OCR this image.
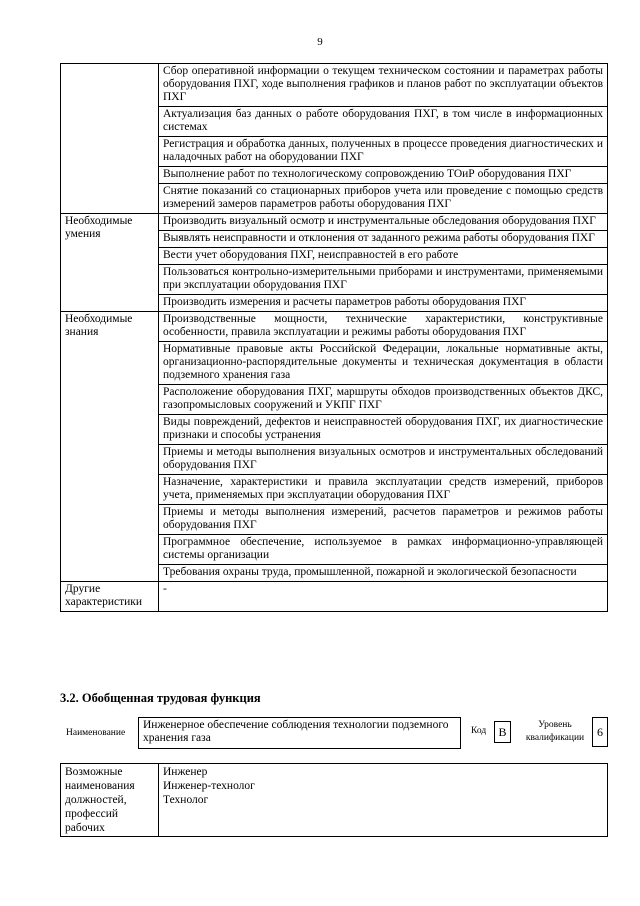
9
	Сбор оперативной информации о текущем техническом состоянии и параметрах работы оборудования ПХГ, ходе выполнения графиков и планов работ по эксплуатации объектов ПХГ
	Актуализация баз данных о работе оборудования ПХГ, в том числе в информационных системах
	Регистрация и обработка данных, полученных в процессе проведения диагностических и наладочных работ на оборудовании ПХГ
	Выполнение работ по технологическому сопровождению ТОиР оборудования ПХГ
	Снятие показаний со стационарных приборов учета или проведение с помощью средств измерений замеров параметров работы оборудования ПХГ
Необходимые умения	Производить визуальный осмотр и инструментальные обследования оборудования ПХГ
	Выявлять неисправности и отклонения от заданного режима работы оборудования ПХГ
	Вести учет оборудования ПХГ, неисправностей в его работе
	Пользоваться контрольно-измерительными приборами и инструментами, применяемыми при эксплуатации оборудования ПХГ
	Производить измерения и расчеты параметров работы оборудования ПХГ
Необходимые знания	Производственные мощности, технические характеристики, конструктивные особенности, правила эксплуатации и режимы работы оборудования ПХГ
	Нормативные правовые акты Российской Федерации, локальные нормативные акты, организационно-распорядительные документы и техническая документация в области подземного хранения газа
	Расположение оборудования ПХГ, маршруты обходов производственных объектов ДКС, газопромысловых сооружений и УКПГ ПХГ
	Виды повреждений, дефектов и неисправностей оборудования ПХГ, их диагностические признаки и способы устранения
	Приемы и методы выполнения визуальных осмотров и инструментальных обследований оборудования ПХГ
	Назначение, характеристики и правила эксплуатации средств измерений, приборов учета, применяемых при эксплуатации оборудования ПХГ
	Приемы и методы выполнения измерений, расчетов параметров и режимов работы оборудования ПХГ
	Программное обеспечение, используемое в рамках информационно-управляющей системы организации
	Требования охраны труда, промышленной, пожарной и экологической безопасности
Другие характеристики	-
3.2. Обобщенная трудовая функция
Наименование
Инженерное обеспечение соблюдения технологии подземного хранения газа
Код	В	Уровень квалификации	6
Возможные наименования должностей, профессий рабочих	
Инженер
Инженер-технолог
Технолог
